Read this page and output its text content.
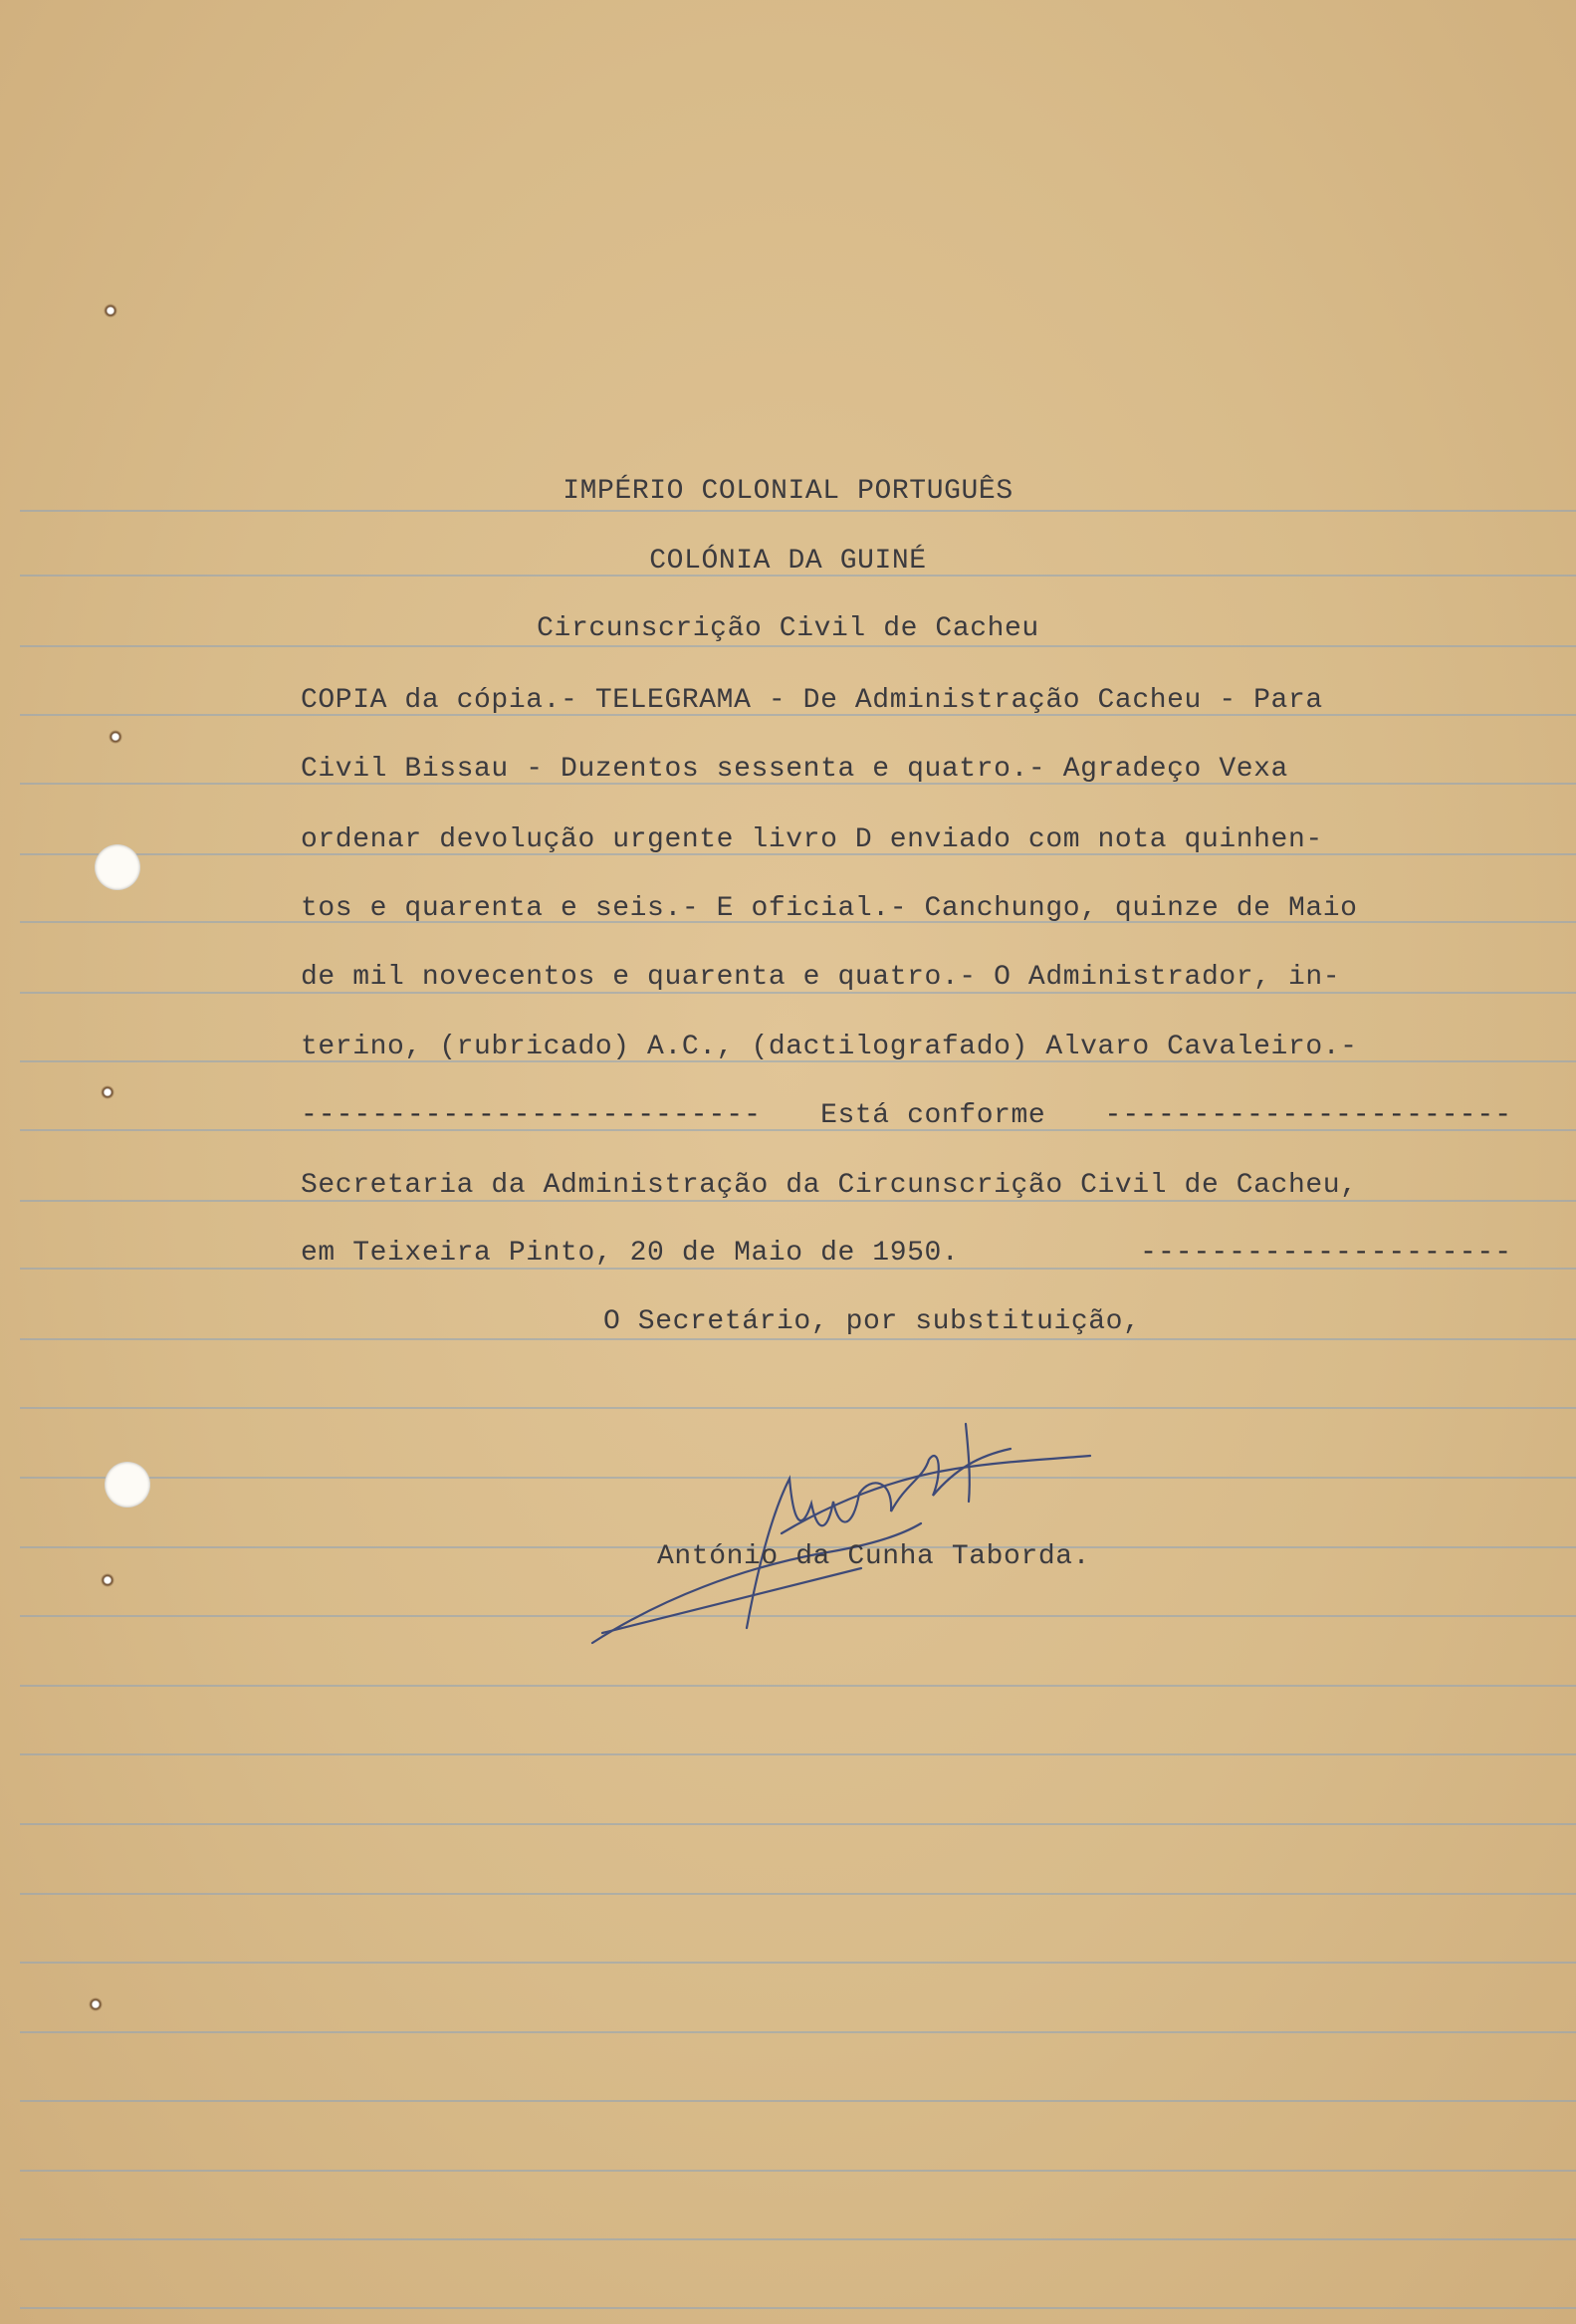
IMPÉRIO COLONIAL PORTUGUÊS
COLÓNIA DA GUINÉ
Circunscrição Civil de Cacheu
COPIA da cópia.- TELEGRAMA - De Administração Cacheu - Para
Civil Bissau - Duzentos sessenta e quatro.- Agradeço Vexa
ordenar devolução urgente livro D enviado com nota quinhen-
tos e quarenta e seis.- E oficial.- Canchungo, quinze de Maio
de mil novecentos e quarenta e quatro.- O Administrador, in-
terino, (rubricado) A.C., (dactilografado) Alvaro Cavaleiro.-
-------------------------- Está conforme -----------------------
Secretaria da Administração da Circunscrição Civil de Cacheu,
em Teixeira Pinto, 20 de Maio de 1950.	---------------------
O Secretário, por substituição,
António da Cunha Taborda.
